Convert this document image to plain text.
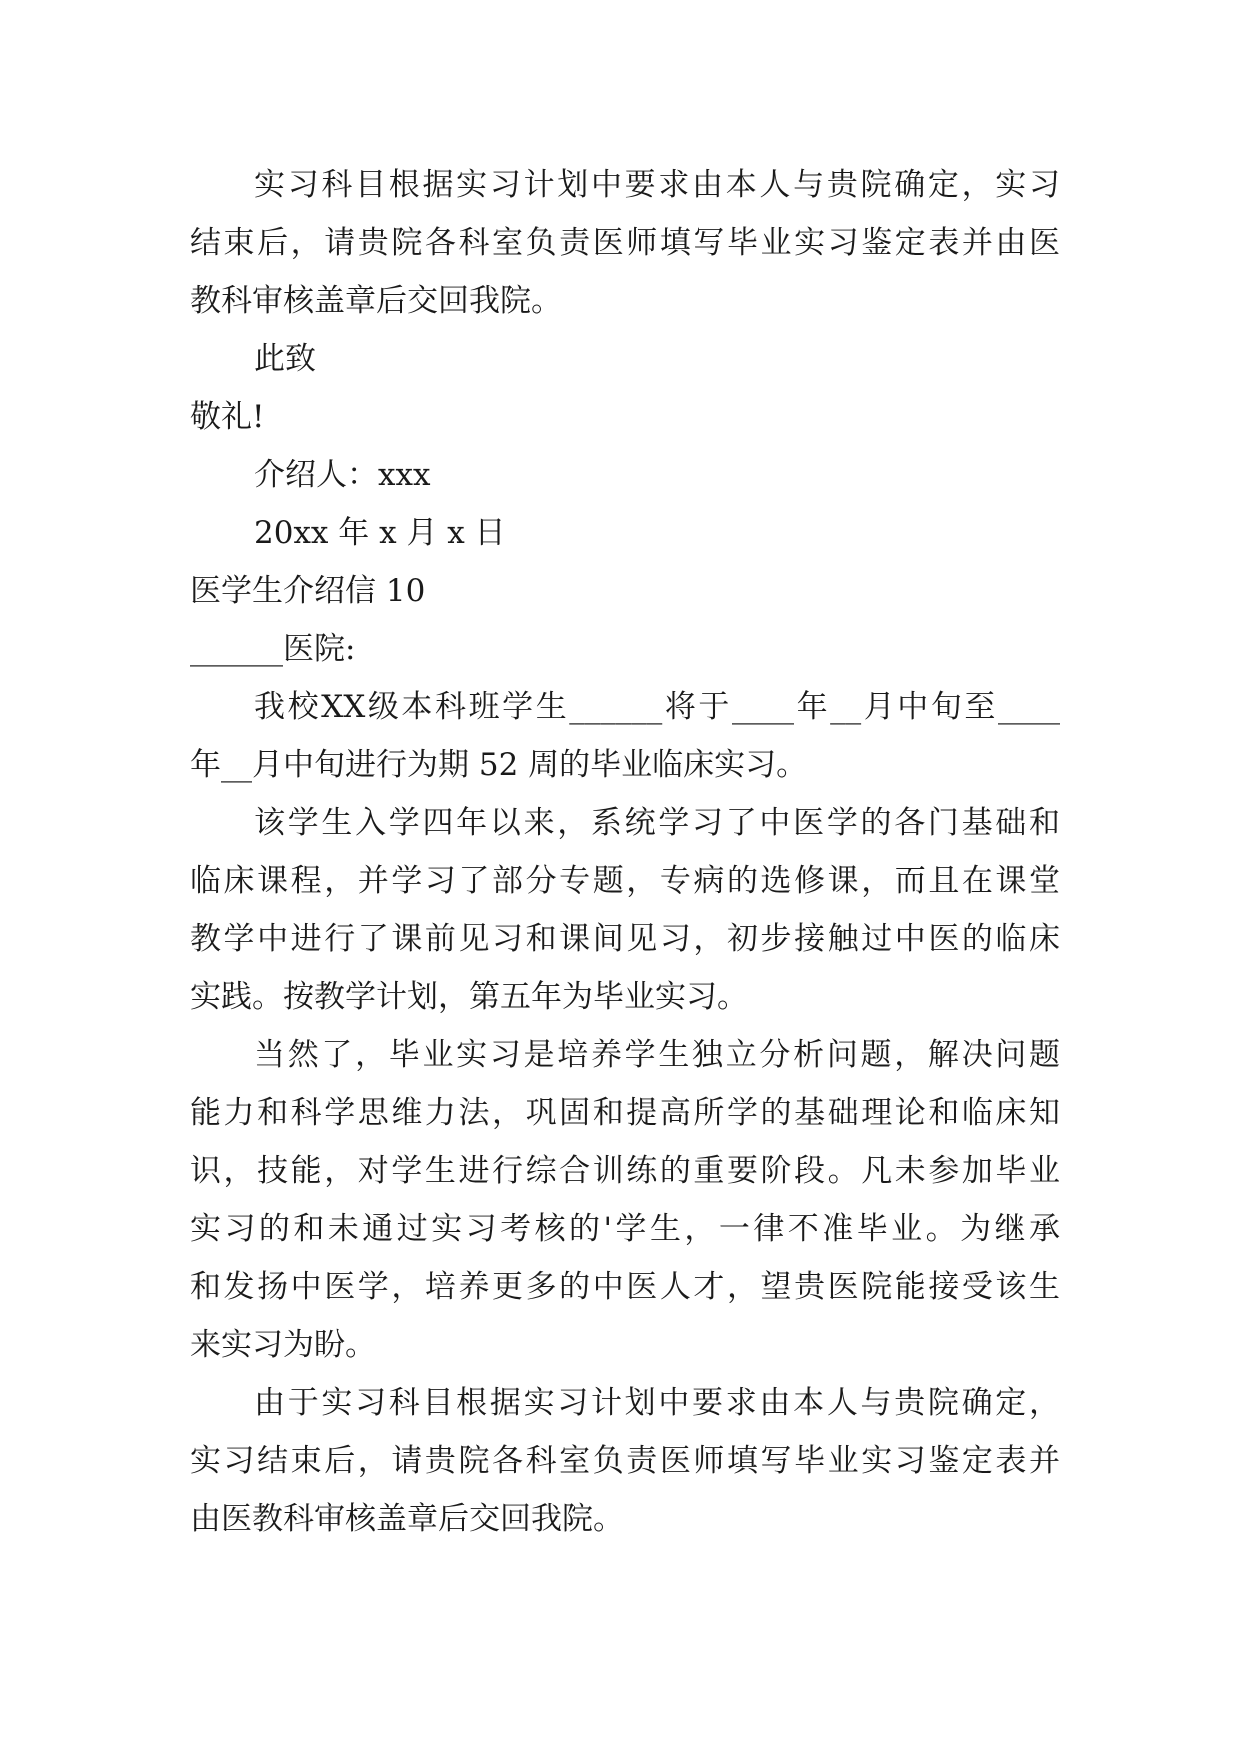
实习科目根据实习计划中要求由本人与贵院确定，实习
结束后，请贵院各科室负责医师填写毕业实习鉴定表并由医
教科审核盖章后交回我院。
此致
敬礼!
介绍人：xxx
20xx 年 x 月 x 日
医学生介绍信 10
______医院:
我校XX级本科班学生______将于____年__月中旬至____
年__月中旬进行为期 52 周的毕业临床实习。
该学生入学四年以来，系统学习了中医学的各门基础和
临床课程，并学习了部分专题，专病的选修课，而且在课堂
教学中进行了课前见习和课间见习，初步接触过中医的临床
实践。按教学计划，第五年为毕业实习。
当然了，毕业实习是培养学生独立分析问题，解决问题
能力和科学思维力法，巩固和提高所学的基础理论和临床知
识，技能，对学生进行综合训练的重要阶段。凡未参加毕业
实习的和未通过实习考核的'学生，一律不准毕业。为继承
和发扬中医学，培养更多的中医人才，望贵医院能接受该生
来实习为盼。
由于实习科目根据实习计划中要求由本人与贵院确定，
实习结束后，请贵院各科室负责医师填写毕业实习鉴定表并
由医教科审核盖章后交回我院。
